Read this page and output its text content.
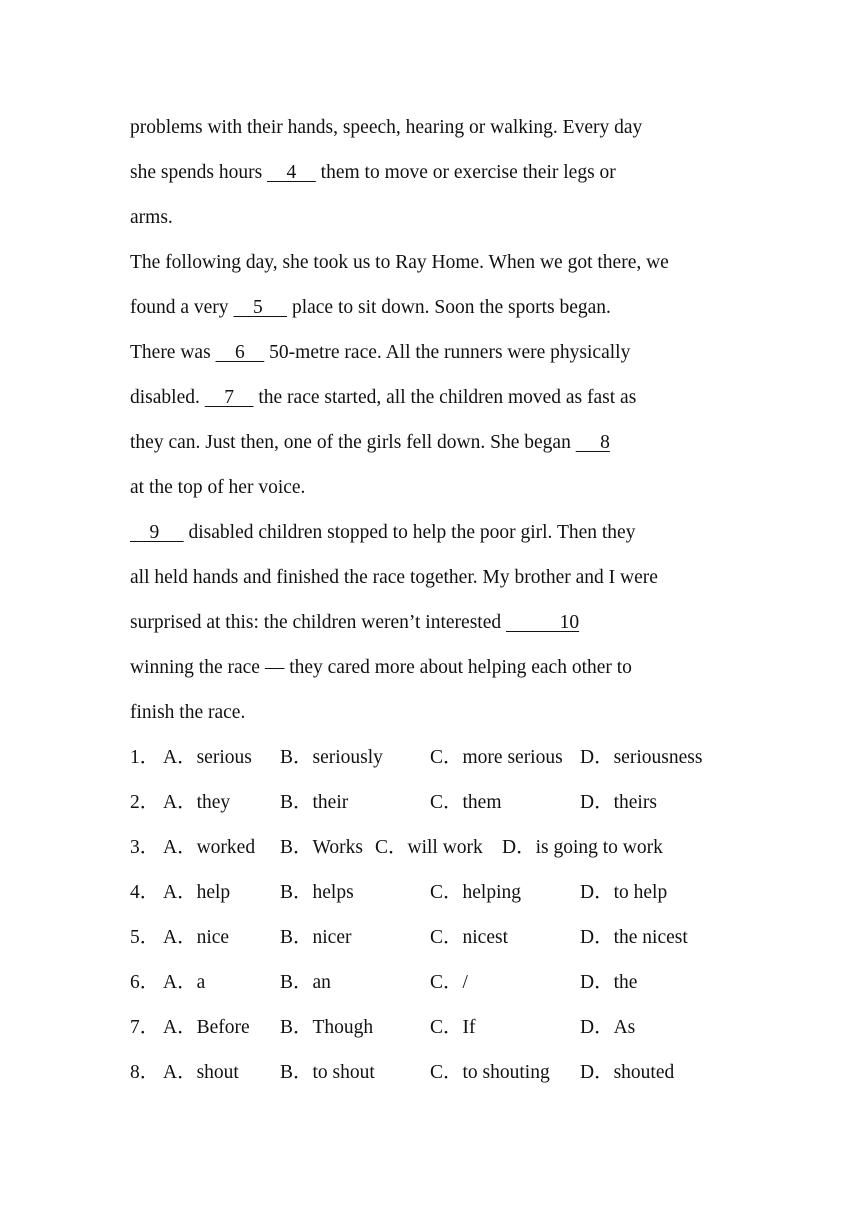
problems with their hands, speech, hearing or walking. Every day

she spends hours     4     them to move or exercise their legs or

arms.

The following day, she took us to Ray Home. When we got there, we

found a very     5      place to sit down. Soon the sports began.

There was     6     50-metre race. All the runners were physically

disabled.     7     the race started, all the children moved as fast as

they can. Just then, one of the girls fell down. She began      8

at the top of her voice.

9      disabled children stopped to help the poor girl. Then they

all held hands and finished the race together. My brother and I were

surprised at this: the children weren’t interested            10

winning the race — they cared more about helping each other to

finish the race.

1． A．serious B．seriously C．more serious D．seriousness
2． A．they	B．their	C．them	D．theirs
3． A．worked B．Works C．will work D．is going to work
4． A．help	B．helps	C．helping	D．to help
5． A．nice	B．nicer	C．nicest	D．the nicest
6． A．a	B．an	C．/	D．the
7． A．Before B．Though	C．If	D．As
8． A．shout B．to shout	C．to shouting D．shouted
